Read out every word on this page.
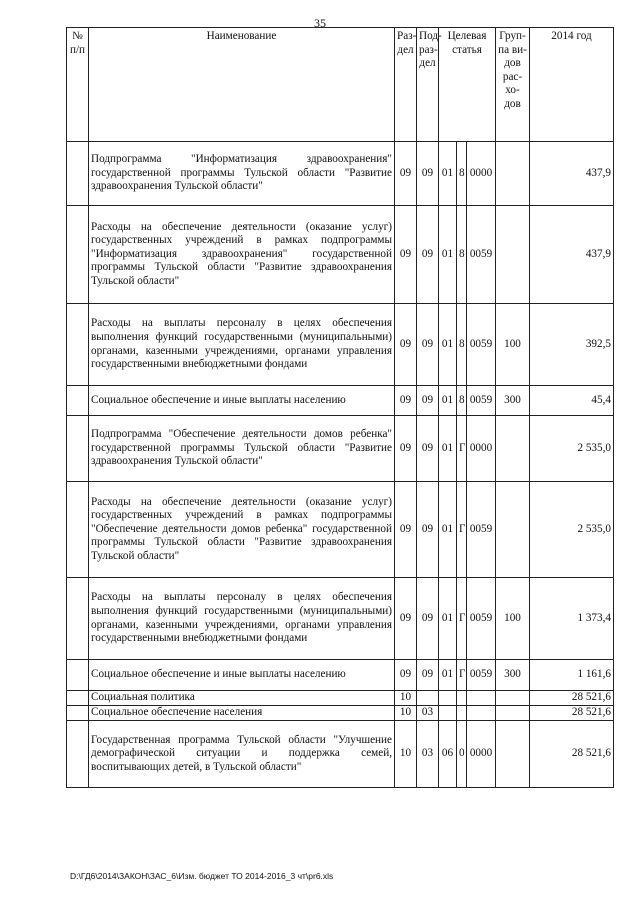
35
№ п/п	Наименование	Раз-дел	Под-раз-дел	Целевая статья			Груп-па ви-дов рас-хо-дов	2014 год
	Подпрограмма "Информатизация здравоохранения" государственной программы Тульской области "Развитие здравоохранения Тульской области"	09	09	01	8	0000		437,9
	Расходы на обеспечение деятельности (оказание услуг) государственных учреждений в рамках подпрограммы "Информатизация здравоохранения" государственной программы Тульской области "Развитие здравоохранения Тульской области"	09	09	01	8	0059		437,9
	Расходы на выплаты персоналу в целях обеспечения выполнения функций государственными (муниципальными) органами, казенными учреждениями, органами управления государственными внебюджетными фондами	09	09	01	8	0059	100	392,5
	Социальное обеспечение и иные выплаты населению	09	09	01	8	0059	300	45,4
	Подпрограмма "Обеспечение деятельности домов ребенка" государственной программы Тульской области "Развитие здравоохранения Тульской области"	09	09	01	Г	0000		2 535,0
	Расходы на обеспечение деятельности (оказание услуг) государственных учреждений в рамках подпрограммы "Обеспечение деятельности домов ребенка" государственной программы Тульской области "Развитие здравоохранения Тульской области"	09	09	01	Г	0059		2 535,0
	Расходы на выплаты персоналу в целях обеспечения выполнения функций государственными (муниципальными) органами, казенными учреждениями, органами управления государственными внебюджетными фондами	09	09	01	Г	0059	100	1 373,4
	Социальное обеспечение и иные выплаты населению	09	09	01	Г	0059	300	1 161,6
	Социальная политика	10						28 521,6
	Социальное обеспечение населения	10	03					28 521,6
	Государственная программа Тульской области "Улучшение демографической ситуации и поддержка семей, воспитывающих детей, в Тульской области"	10	03	06	0	0000		28 521,6
D:\ГД6\2014\ЗАКОН\ЗАС_6\Изм. бюджет ТО 2014-2016_3 чт\pr6.xls
